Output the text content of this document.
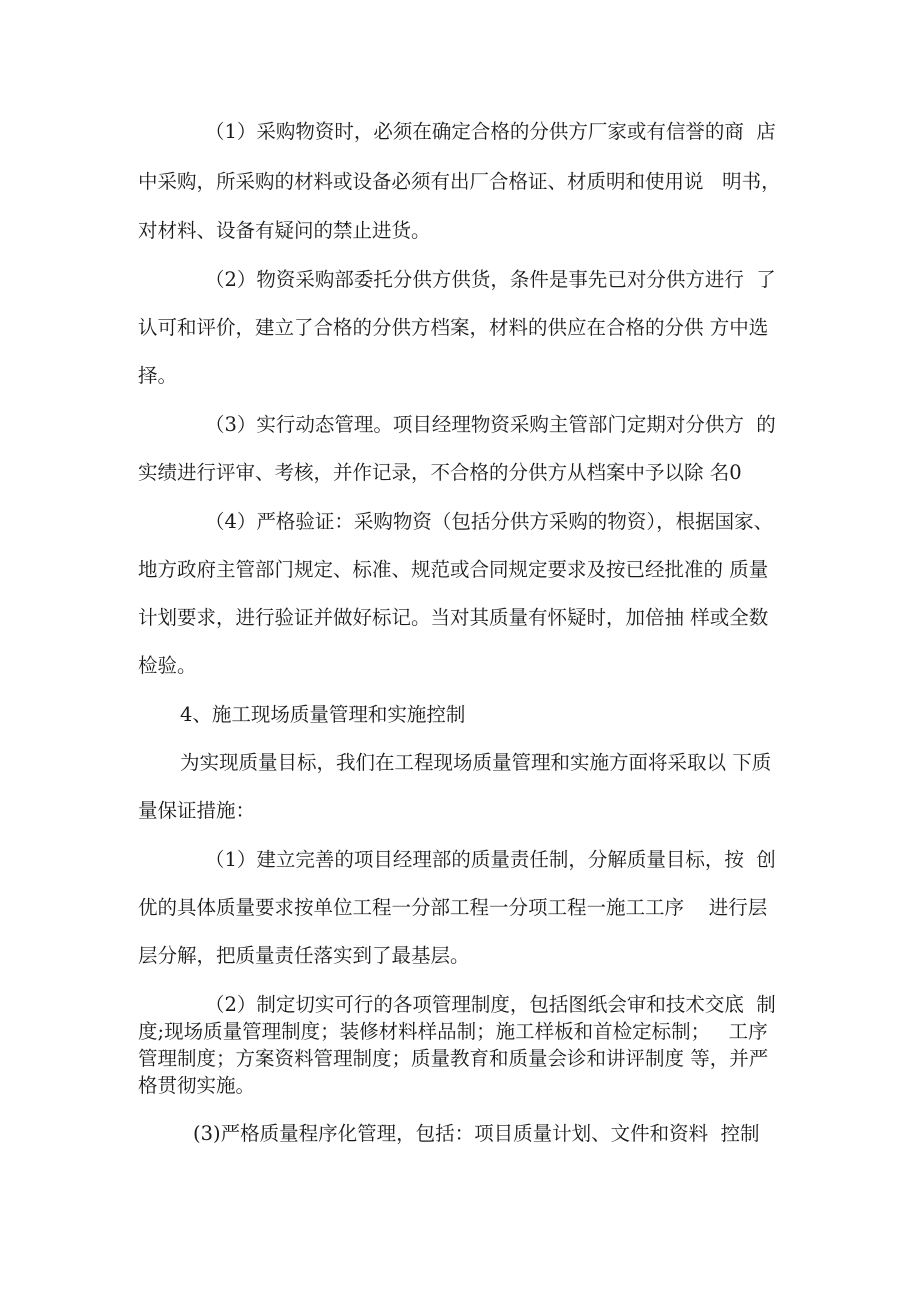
（1）采购物资时，必须在确定合格的分供方厂家或有信誉的商  店
中采购，所采购的材料或设备必须有出厂合格证、材质明和使用说   明书，
对材料、设备有疑问的禁止进货。
（2）物资采购部委托分供方供货，条件是事先已对分供方进行  了
认可和评价，建立了合格的分供方档案，材料的供应在合格的分供 方中选
择。
（3）实行动态管理。项目经理物资采购主管部门定期对分供方  的
实绩进行评审、考核，并作记录，不合格的分供方从档案中予以除 名0
（4）严格验证：采购物资（包括分供方采购的物资），根据国家、
地方政府主管部门规定、标准、规范或合同规定要求及按已经批准的 质量
计划要求，进行验证并做好标记。当对其质量有怀疑时，加倍抽 样或全数
检验。
4、施工现场质量管理和实施控制
为实现质量目标，我们在工程现场质量管理和实施方面将采取以 下质
量保证措施：
（1）建立完善的项目经理部的质量责任制，分解质量目标，按  创
优的具体质量要求按单位工程一分部工程一分项工程一施工工序    进行层
层分解，把质量责任落实到了最基层。
（2）制定切实可行的各项管理制度，包括图纸会审和技术交底  制
度;现场质量管理制度；装修材料样品制；施工样板和首检定标制；   工序
管理制度；方案资料管理制度；质量教育和质量会诊和讲评制度 等，并严
格贯彻实施。
(3)严格质量程序化管理，包括：项目质量计划、文件和资料  控制
